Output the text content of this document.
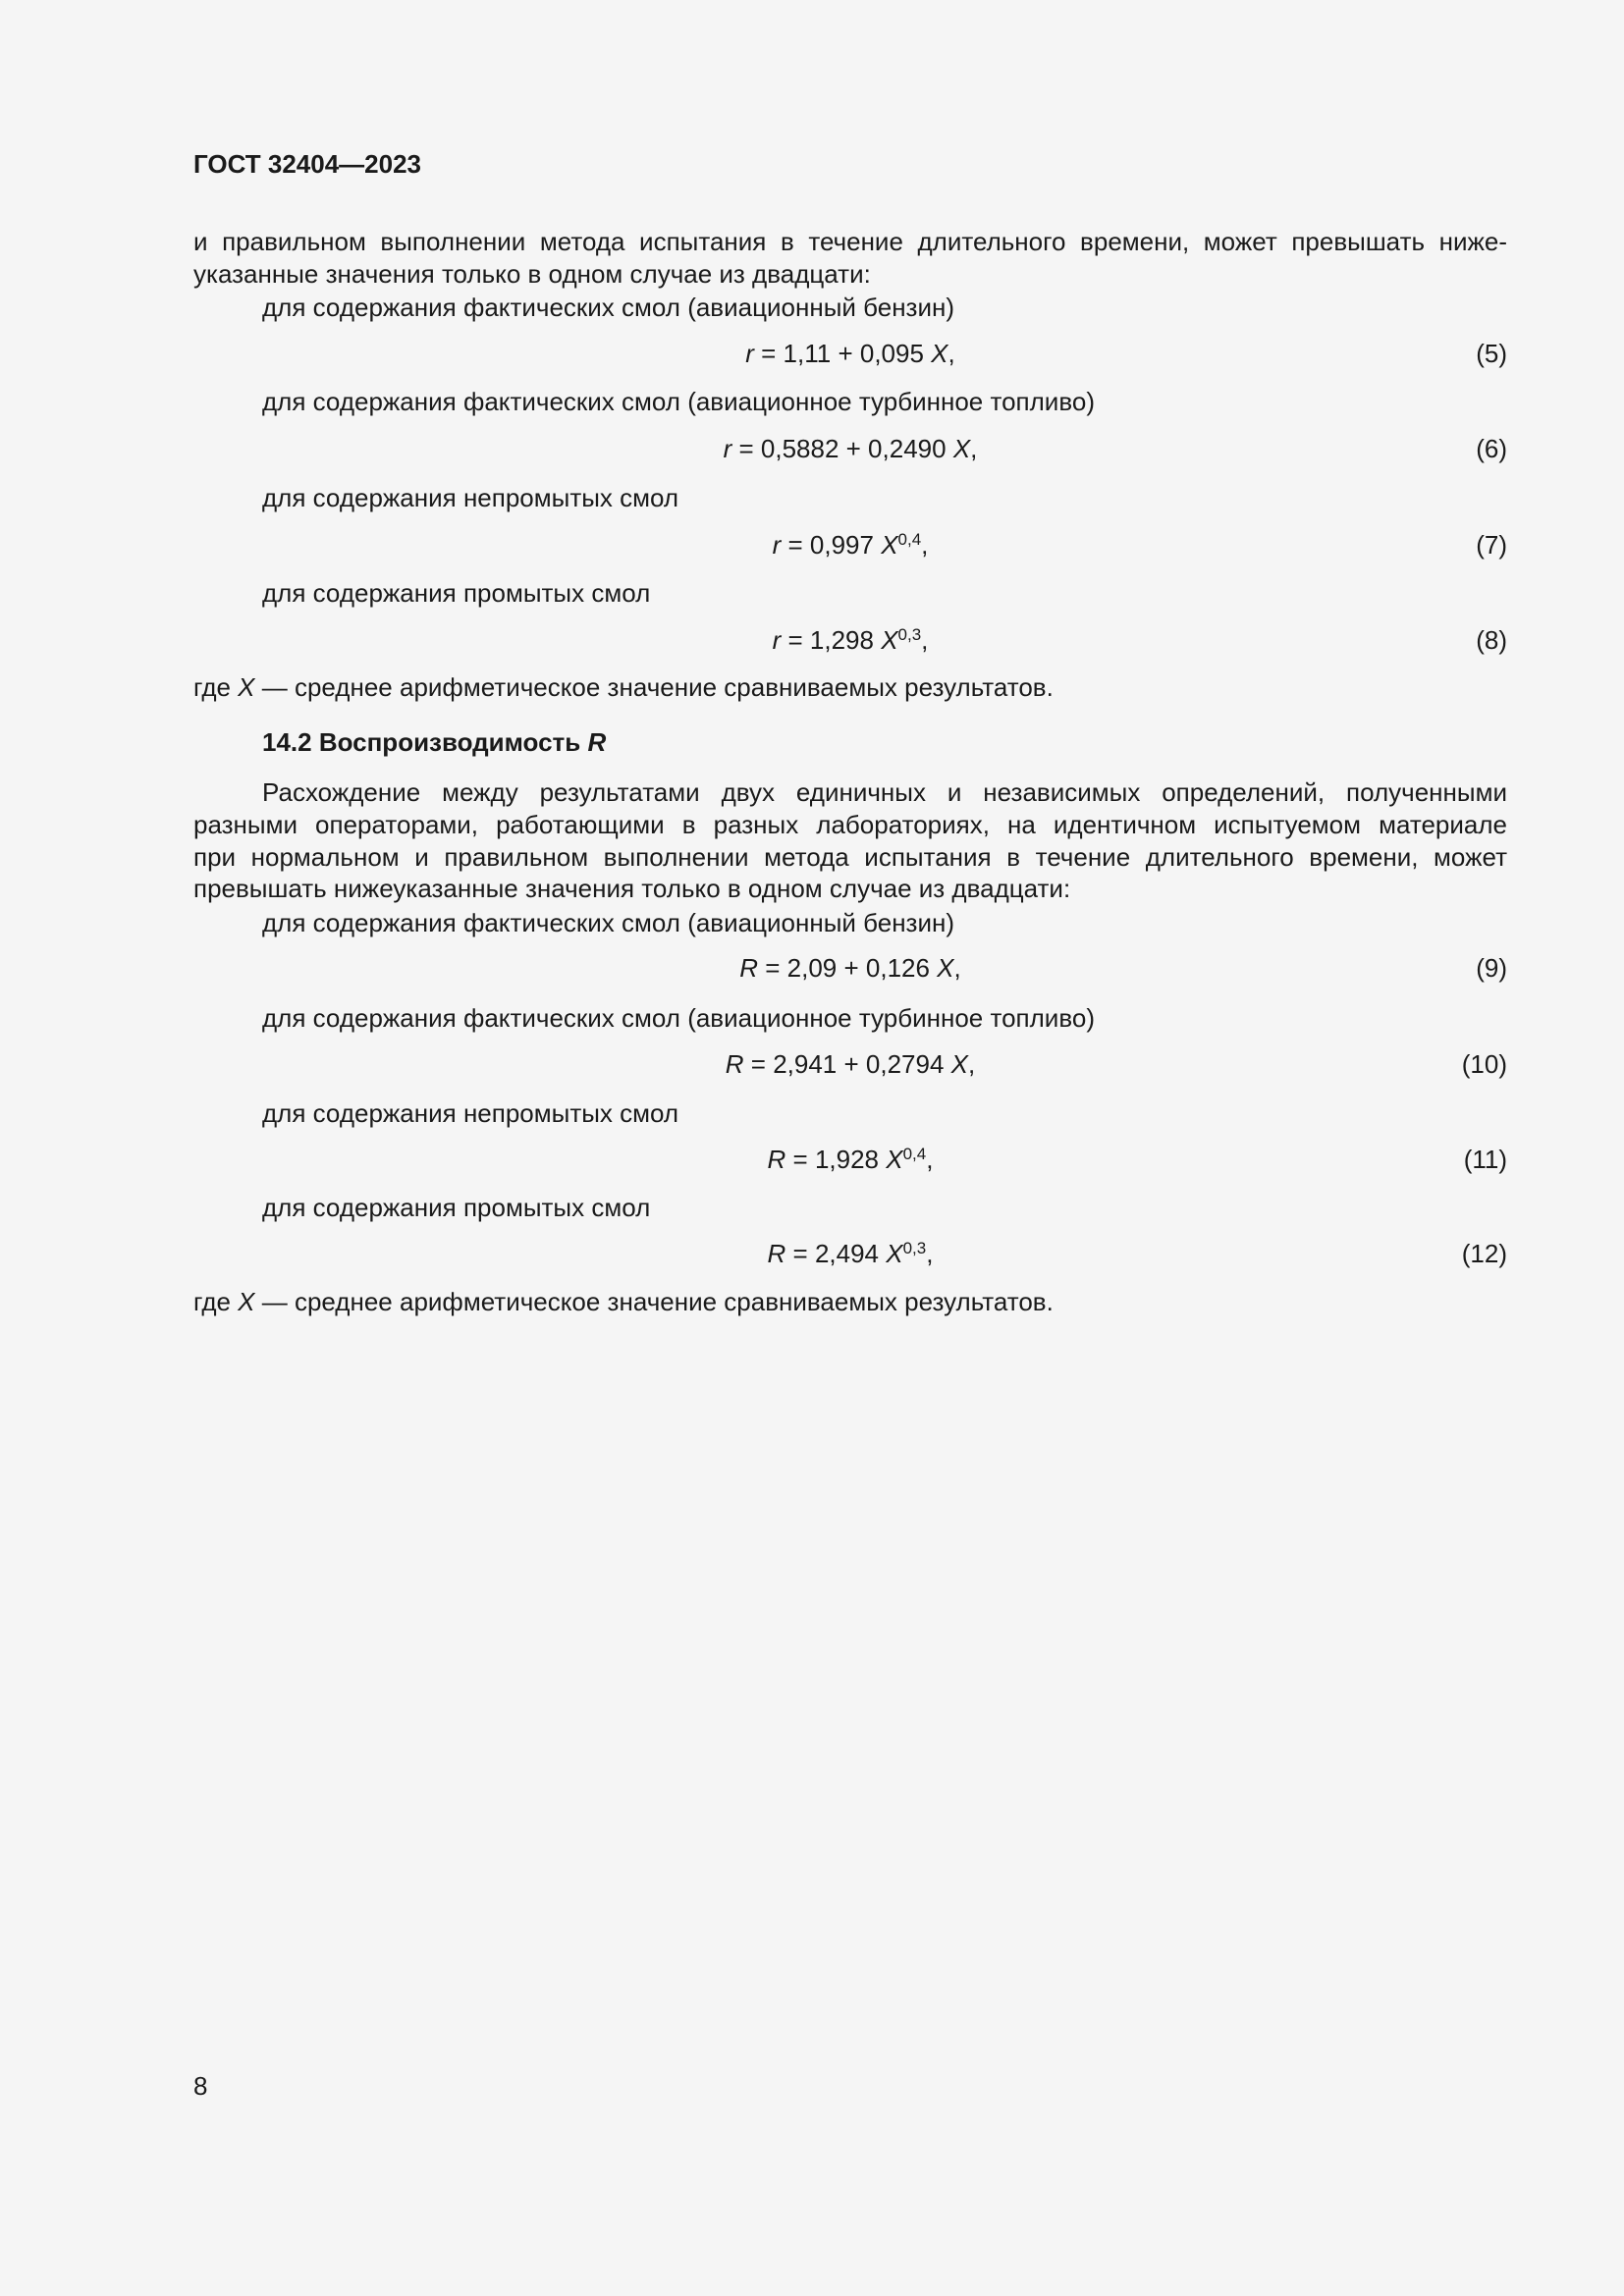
ГОСТ 32404—2023
и правильном выполнении метода испытания в течение длительного времени, может превышать ниже-
указанные значения только в одном случае из двадцати:
для содержания фактических смол (авиационный бензин)
r = 1,11 + 0,095 X,	(5)
для содержания фактических смол (авиационное турбинное топливо)
r = 0,5882 + 0,2490 X,	(6)
для содержания непромытых смол
r = 0,997 X$^{0,4}$,	(7)
для содержания промытых смол
r = 1,298 X$^{0,3}$,	(8)
где X — среднее арифметическое значение сравниваемых результатов.
14.2 Воспроизводимость R
Расхождение между результатами двух единичных и независимых определений, полученными
разными операторами, работающими в разных лабораториях, на идентичном испытуемом материале
при нормальном и правильном выполнении метода испытания в течение длительного времени, может
превышать нижеуказанные значения только в одном случае из двадцати:
для содержания фактических смол (авиационный бензин)
R = 2,09 + 0,126 X,	(9)
для содержания фактических смол (авиационное турбинное топливо)
R = 2,941 + 0,2794 X,	(10)
для содержания непромытых смол
R = 1,928 X$^{0,4}$,	(11)
для содержания промытых смол
R = 2,494 X$^{0,3}$,	(12)
где X — среднее арифметическое значение сравниваемых результатов.
8
